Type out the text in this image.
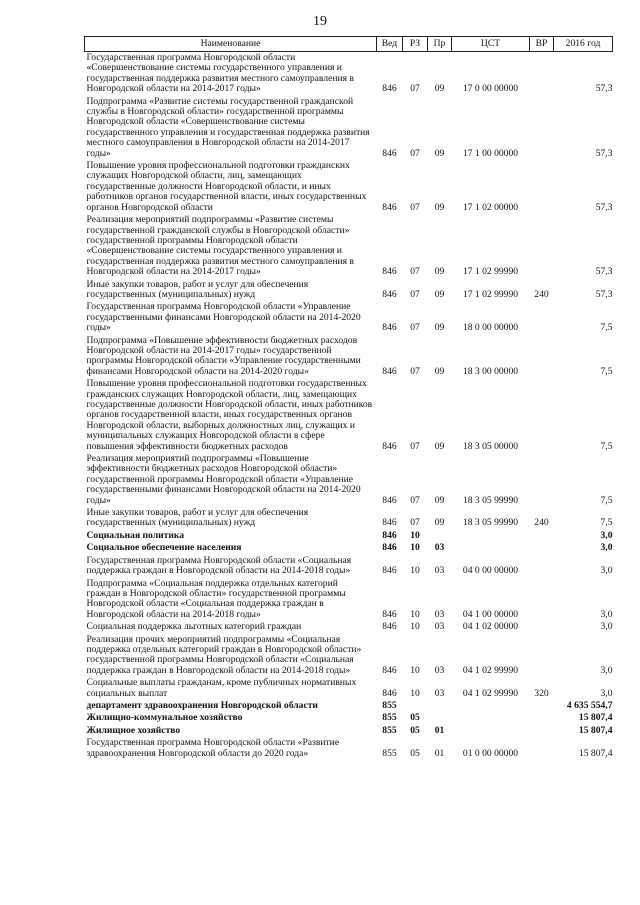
19
Наименование	Вед	РЗ	Пр	ЦСТ	ВР	2016 год
Государственная программа Новгородской области «Совершенствование системы государственного управления и государственная поддержка развития местного самоуправления в Новгородской области на 2014-2017 годы»	846	07	09	17 0 00 00000		57,3
Подпрограмма «Развитие системы государственной гражданской службы в Новгородской области» государственной программы Новгородской области «Совершенствование системы государственного управления и государственная поддержка развития местного самоуправления в Новгородской области на 2014-2017 годы»	846	07	09	17 1 00 00000		57,3
Повышение уровня профессиональной подготовки гражданских служащих Новгородской области, лиц, замещающих государственные должности Новгородской области, и иных работников органов государственной власти, иных государственных органов Новгородской области	846	07	09	17 1 02 00000		57,3
Реализация мероприятий подпрограммы «Развитие системы государственной гражданской службы в Новгородской области» государственной программы Новгородской области «Совершенствование системы государственного управления и государственная поддержка развития местного самоуправления в Новгородской области на 2014-2017 годы»	846	07	09	17 1 02 99990		57,3
Иные закупки товаров, работ и услуг для обеспечения государственных (муниципальных) нужд	846	07	09	17 1 02 99990	240	57,3
Государственная программа Новгородской области «Управление государственными финансами Новгородской области на 2014-2020 годы»	846	07	09	18 0 00 00000		7,5
Подпрограмма «Повышение эффективности бюджетных расходов Новгородской области на 2014-2017 годы» государственной программы Новгородской области «Управление государственными финансами Новгородской области на 2014-2020 годы»	846	07	09	18 3 00 00000		7,5
Повышение уровня профессиональной подготовки государственных гражданских служащих Новгородской области, лиц, замещающих государственные должности Новгородской области, иных работников органов государственной власти, иных государственных органов Новгородской области, выборных должностных лиц, служащих и муниципальных служащих Новгородской области в сфере повышения эффективности бюджетных расходов	846	07	09	18 3 05 00000		7,5
Реализация мероприятий подпрограммы «Повышение эффективности бюджетных расходов Новгородской области» государственной программы Новгородской области «Управление государственными финансами Новгородской области на 2014-2020 годы»	846	07	09	18 3 05 99990		7,5
Иные закупки товаров, работ и услуг для обеспечения государственных (муниципальных) нужд	846	07	09	18 3 05 99990	240	7,5
Социальная политика	846	10				3,0
Социальное обеспечение населения	846	10	03			3,0
Государственная программа Новгородской области «Социальная поддержка граждан в Новгородской области на 2014-2018 годы»	846	10	03	04 0 00 00000		3,0
Подпрограмма «Социальная поддержка отдельных категорий граждан в Новгородской области» государственной программы Новгородской области «Социальная поддержка граждан в Новгородской области на 2014-2018 годы»	846	10	03	04 1 00 00000		3,0
Социальная поддержка льготных категорий граждан	846	10	03	04 1 02 00000		3,0
Реализация прочих мероприятий подпрограммы «Социальная поддержка отдельных категорий граждан в Новгородской области» государственной программы Новгородской области «Социальная поддержка граждан в Новгородской области на 2014-2018 годы»	846	10	03	04 1 02 99990		3,0
Социальные выплаты гражданам, кроме публичных нормативных социальных выплат	846	10	03	04 1 02 99990	320	3,0
департамент здравоохранения Новгородской области	855					4 635 554,7
Жилищно-коммунальное хозяйство	855	05				15 807,4
Жилищное хозяйство	855	05	01			15 807,4
Государственная программа Новгородской области «Развитие здравоохранения Новгородской области до 2020 года»	855	05	01	01 0 00 00000		15 807,4
